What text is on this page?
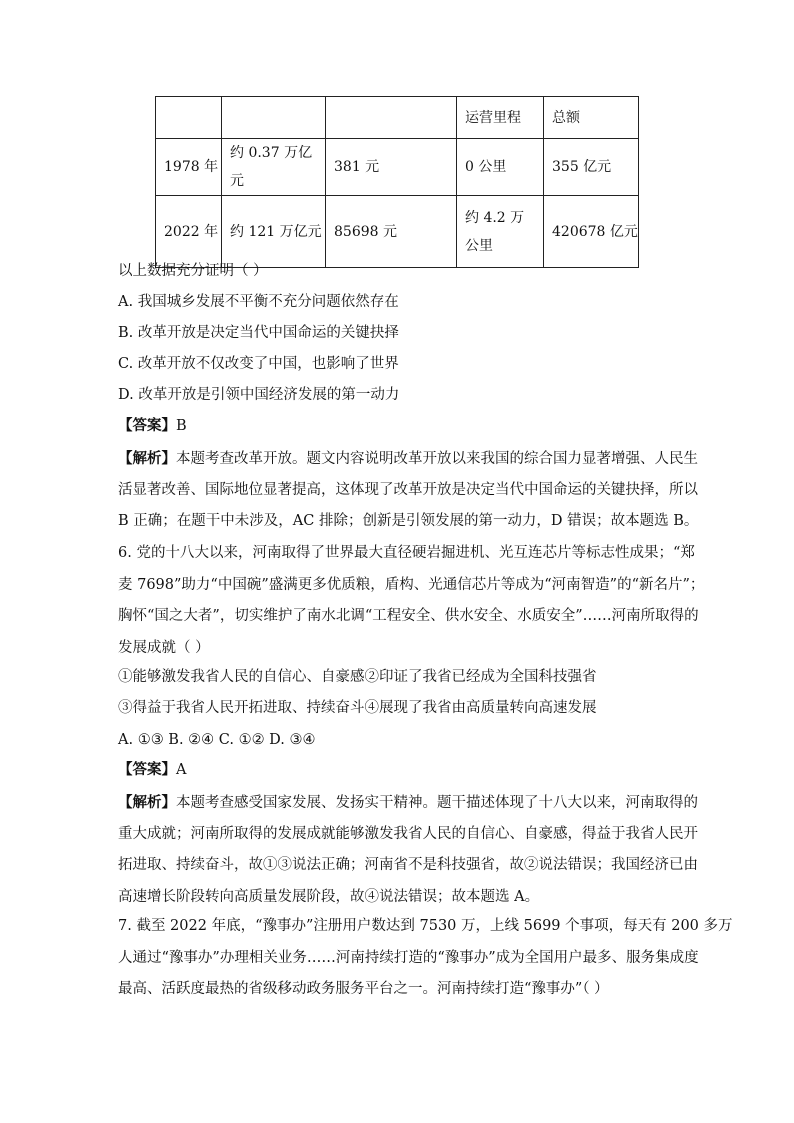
			运营里程	总额
1978 年	约 0.37 万亿元	381 元	0 公里	355 亿元
2022 年	约 121 万亿元	85698 元	约 4.2 万公里	420678 亿元
以上数据充分证明（ ）
A. 我国城乡发展不平衡不充分问题依然存在
B. 改革开放是决定当代中国命运的关键抉择
C. 改革开放不仅改变了中国，也影响了世界
D. 改革开放是引领中国经济发展的第一动力
【答案】B
【解析】本题考查改革开放。题文内容说明改革开放以来我国的综合国力显著增强、人民生
活显著改善、国际地位显著提高，这体现了改革开放是决定当代中国命运的关键抉择，所以
B 正确；在题干中未涉及，AC 排除；创新是引领发展的第一动力，D 错误；故本题选 B。
6. 党的十八大以来，河南取得了世界最大直径硬岩掘进机、光互连芯片等标志性成果；“郑
麦 7698”助力“中国碗”盛满更多优质粮，盾构、光通信芯片等成为“河南智造”的“新名片”；
胸怀“国之大者”，切实维护了南水北调“工程安全、供水安全、水质安全”……河南所取得的
发展成就（ ）
①能够激发我省人民的自信心、自豪感②印证了我省已经成为全国科技强省
③得益于我省人民开拓进取、持续奋斗④展现了我省由高质量转向高速发展
A. ①③ B. ②④ C. ①② D. ③④
【答案】A
【解析】本题考查感受国家发展、发扬实干精神。题干描述体现了十八大以来，河南取得的
重大成就；河南所取得的发展成就能够激发我省人民的自信心、自豪感，得益于我省人民开
拓进取、持续奋斗，故①③说法正确；河南省不是科技强省，故②说法错误；我国经济已由
高速增长阶段转向高质量发展阶段，故④说法错误；故本题选 A。
7. 截至 2022 年底，“豫事办”注册用户数达到 7530 万，上线 5699 个事项，每天有 200 多万
人通过“豫事办”办理相关业务……河南持续打造的“豫事办”成为全国用户最多、服务集成度
最高、活跃度最热的省级移动政务服务平台之一。河南持续打造“豫事办”（ ）
